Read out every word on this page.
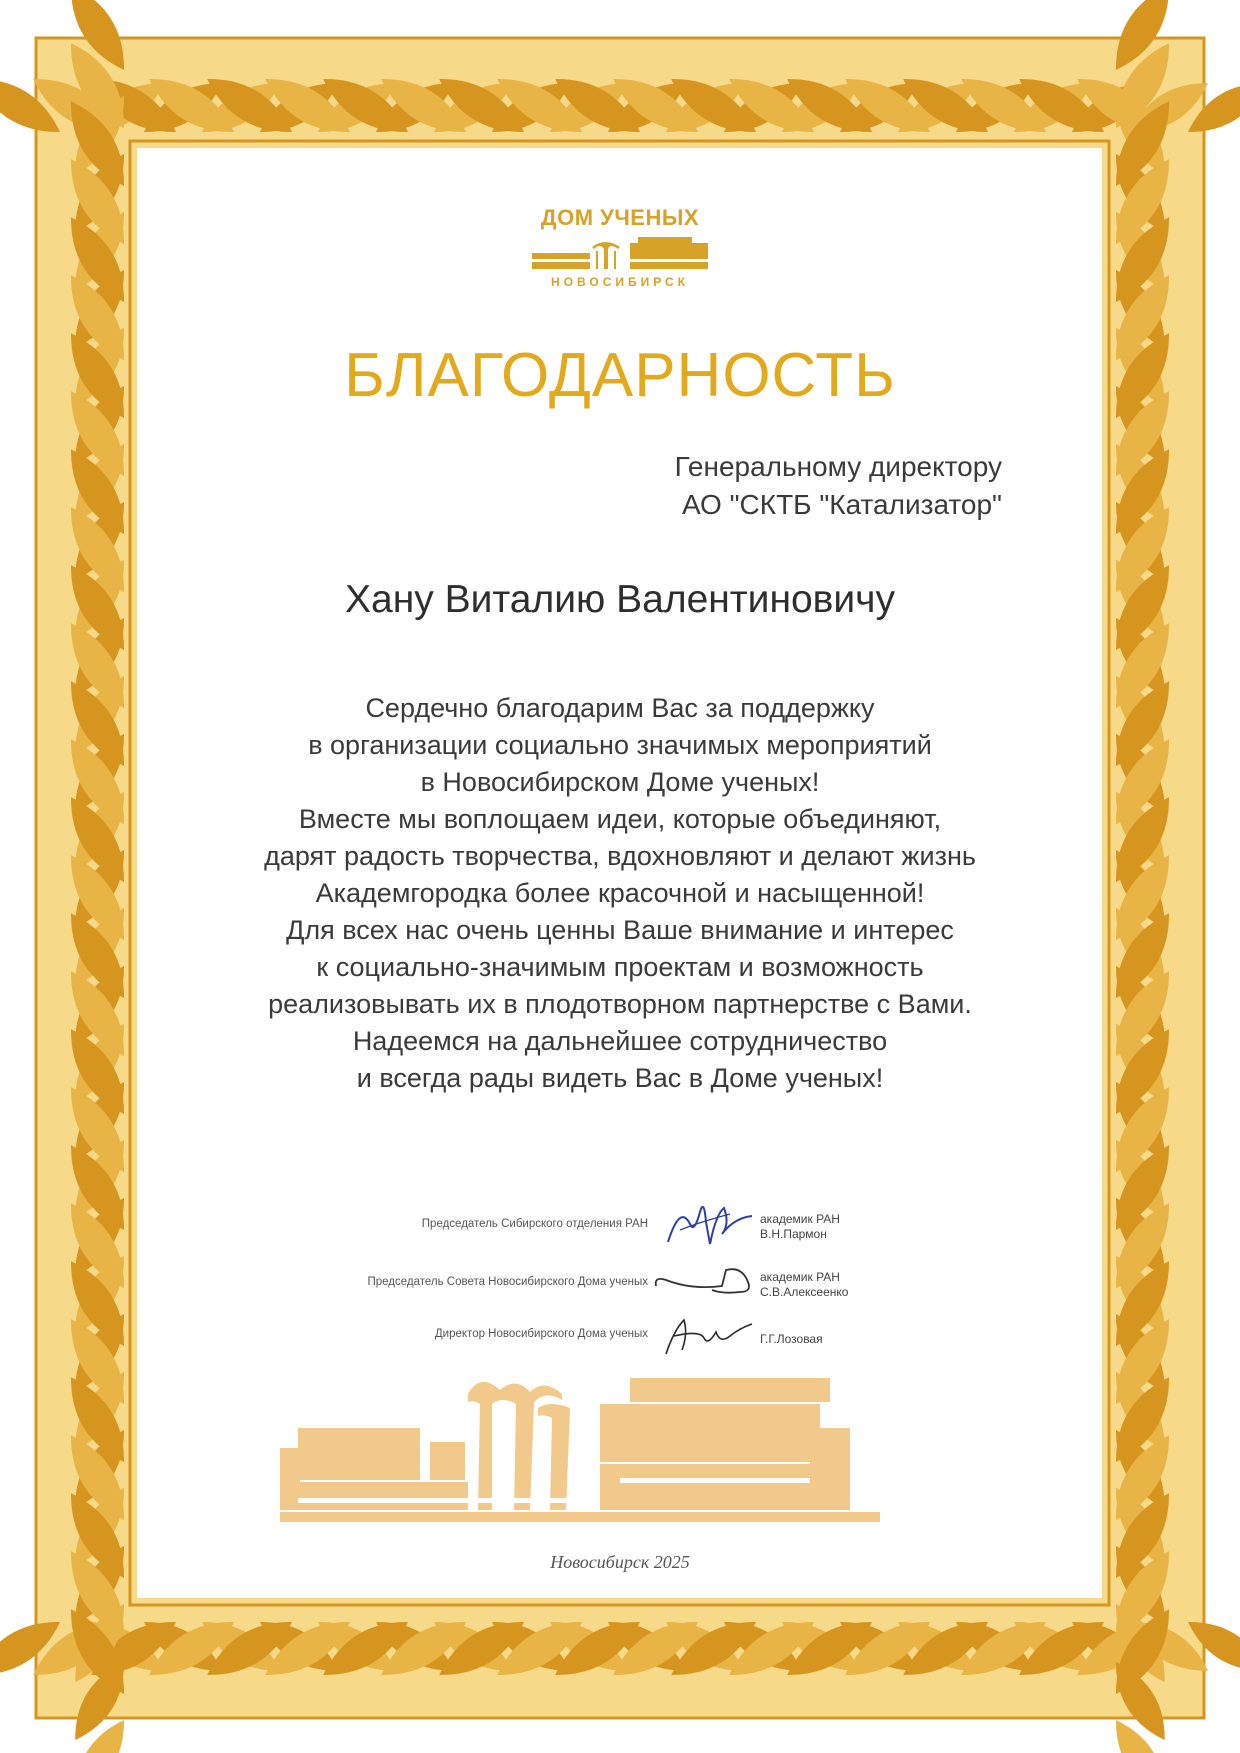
ДОМ УЧЕНЫХ
НОВОСИБИРСК
БЛАГОДАРНОСТЬ
Генеральному директору
АО "СКТБ "Катализатор"
Хану Виталию Валентиновичу
Сердечно благодарим Вас за поддержку
в организации социально значимых мероприятий
в Новосибирском Доме ученых!
Вместе мы воплощаем идеи, которые объединяют,
дарят радость творчества, вдохновляют и делают жизнь
Академгородка более красочной и насыщенной!
Для всех нас очень ценны Ваше внимание и интерес
к социально-значимым проектам и возможность
реализовывать их в плодотворном партнерстве с Вами.
Надеемся на дальнейшее сотрудничество
и всегда рады видеть Вас в Доме ученых!
Председатель Сибирского отделения РАН	академик РАН
В.Н.Пармон
Председатель Совета Новосибирского Дома ученых	академик РАН
С.В.Алексеенко
Директор Новосибирского Дома ученых	Г.Г.Лозовая
Новосибирск 2025
